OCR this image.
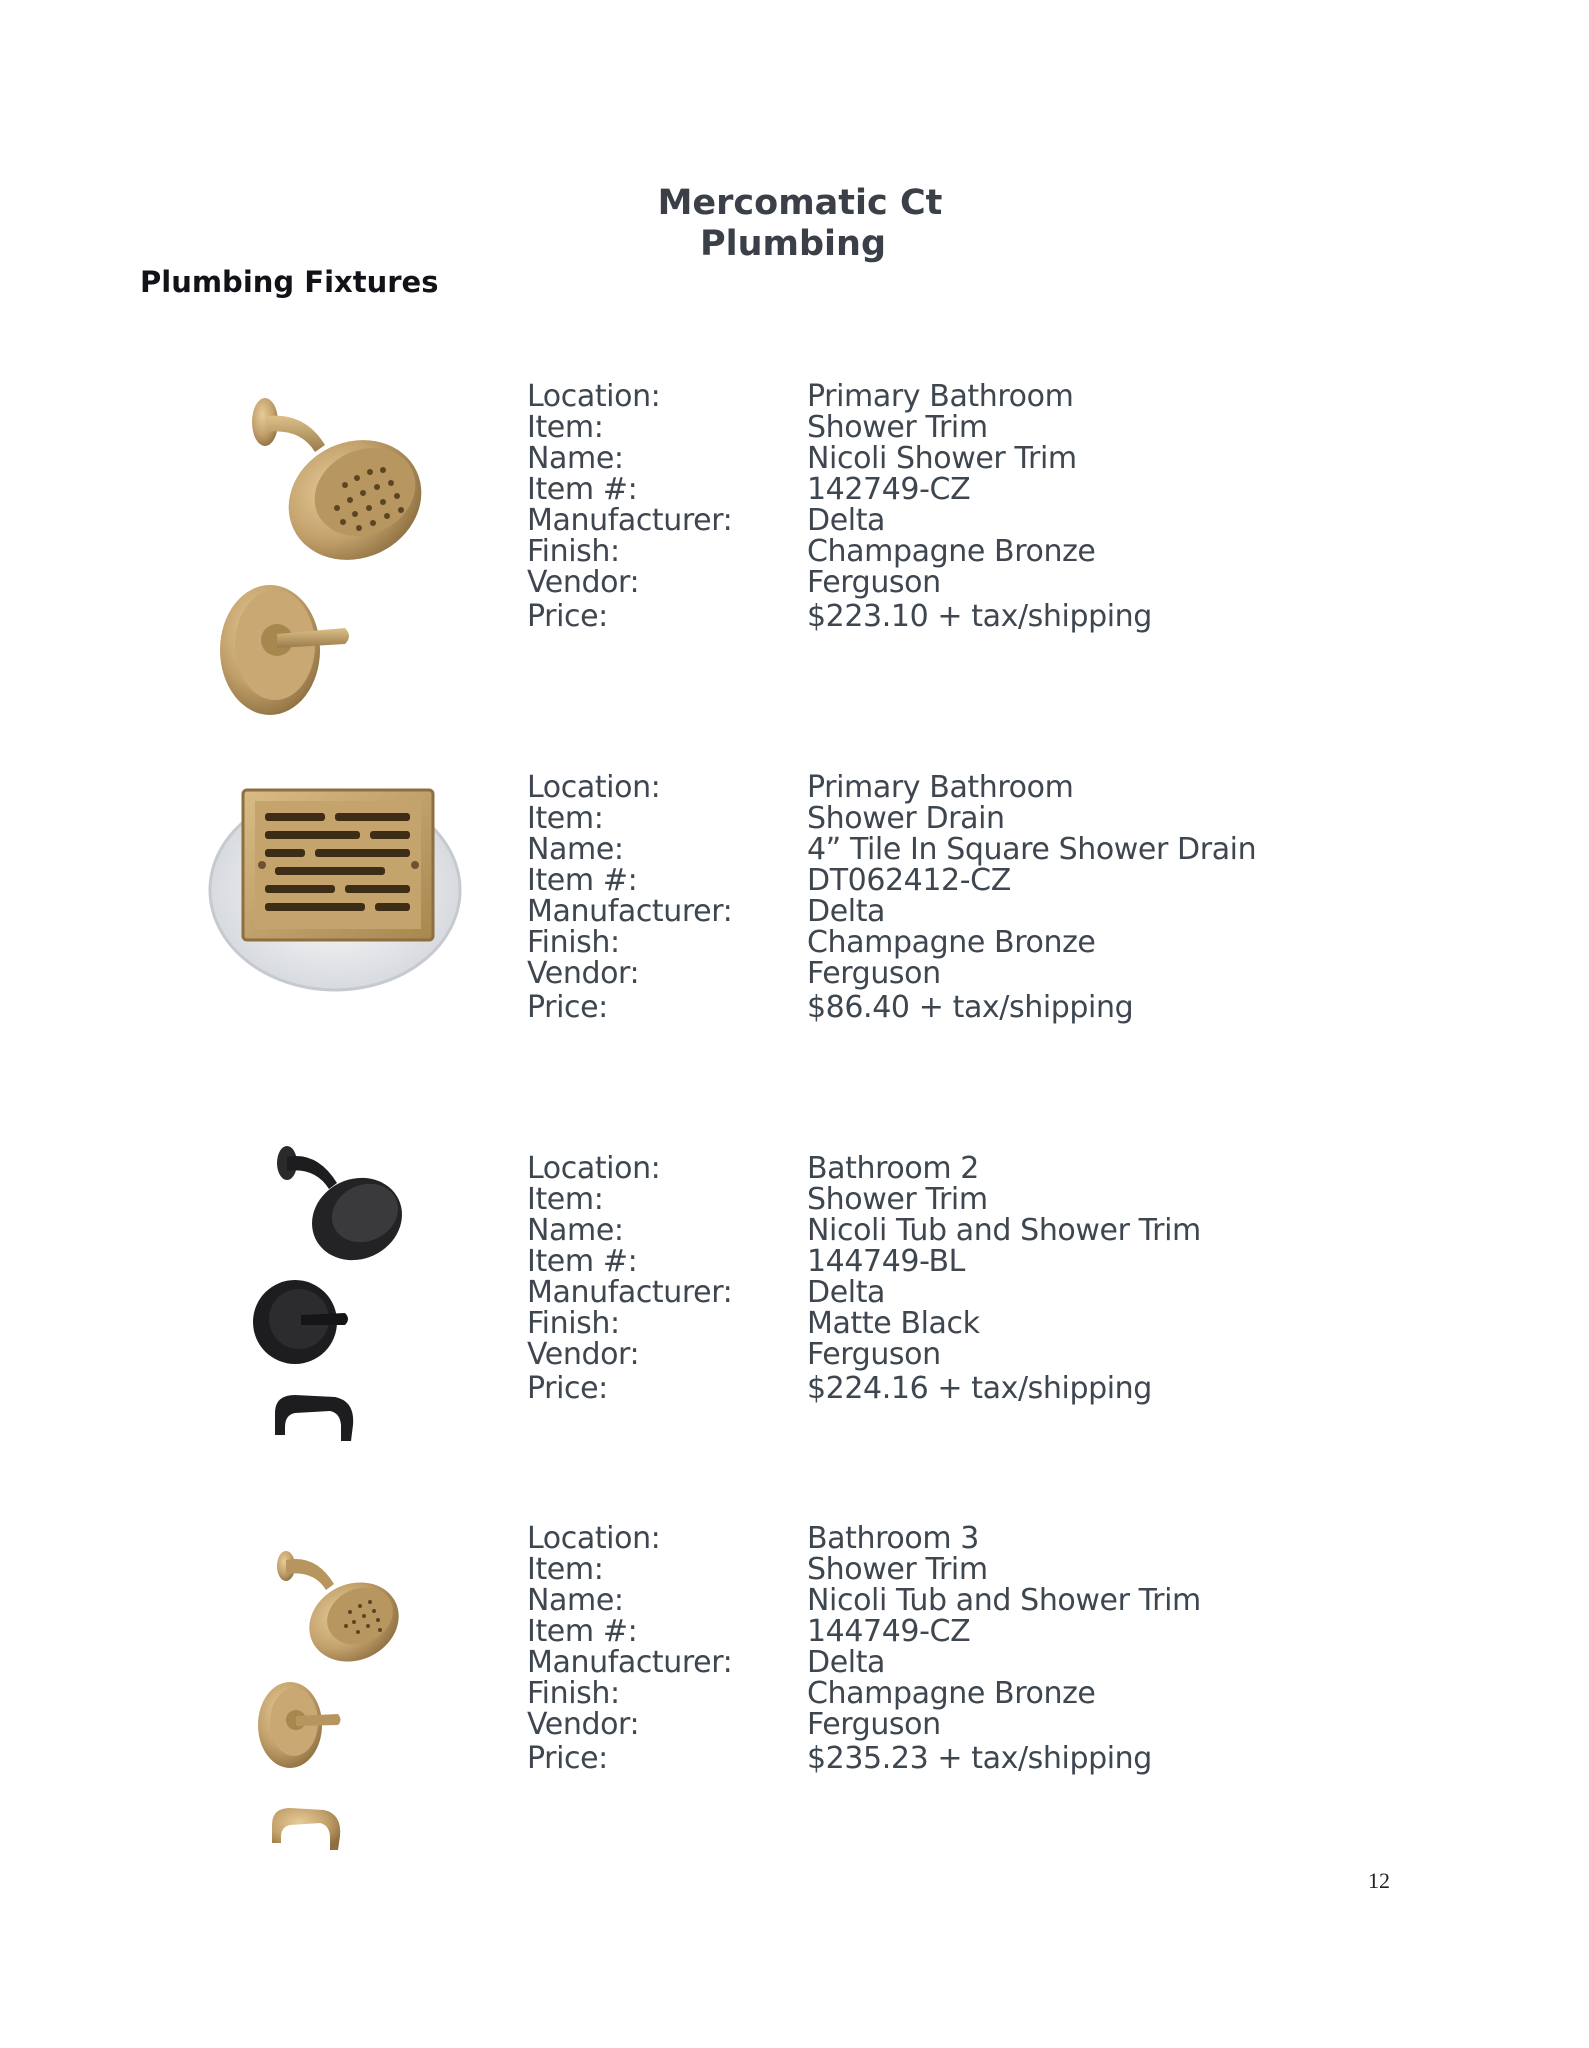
Mercomatic Ct
Plumbing
Plumbing Fixtures
Location:	Primary Bathroom
Item:	Shower Trim
Name:	Nicoli Shower Trim
Item #:	142749-CZ
Manufacturer: Delta
Finish:	Champagne Bronze
Vendor:	Ferguson
Price:	$223.10 + tax/shipping
Location:	Primary Bathroom
Item:	Shower Drain
Name:	4” Tile In Square Shower Drain
Item #:	DT062412-CZ
Manufacturer: Delta
Finish:	Champagne Bronze
Vendor:	Ferguson
Price:	$86.40 + tax/shipping
Location:	Bathroom 2
Item:	Shower Trim
Name:	Nicoli Tub and Shower Trim
Item #:	144749-BL
Manufacturer: Delta
Finish:	Matte Black
Vendor:	Ferguson
Price:	$224.16 + tax/shipping
Location:	Bathroom 3
Item:	Shower Trim
Name:	Nicoli Tub and Shower Trim
Item #:	144749-CZ
Manufacturer: Delta
Finish:	Champagne Bronze
Vendor:	Ferguson
Price:	$235.23 + tax/shipping
12
